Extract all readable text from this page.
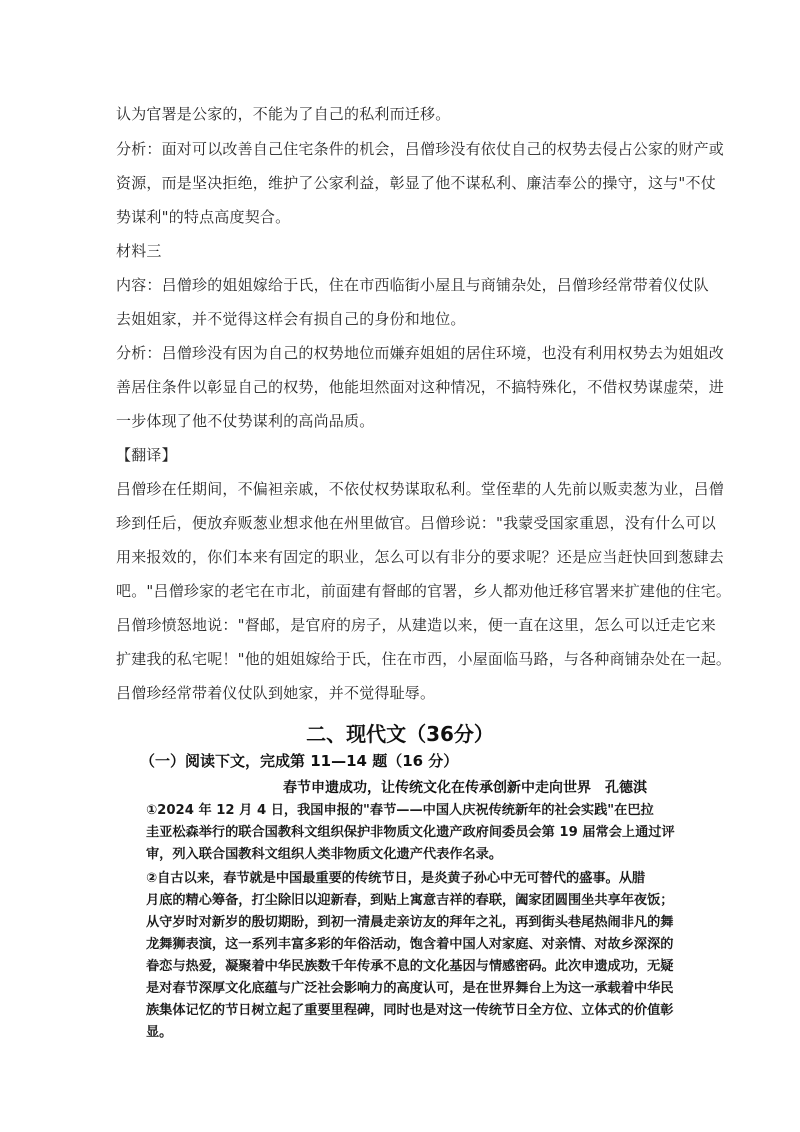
认为官署是公家的，不能为了自己的私利而迁移。
分析：面对可以改善自己住宅条件的机会，吕僧珍没有依仗自己的权势去侵占公家的财产或
资源，而是坚决拒绝，维护了公家利益，彰显了他不谋私利、廉洁奉公的操守，这与"不仗
势谋利"的特点高度契合。
材料三
内容：吕僧珍的姐姐嫁给于氏，住在市西临街小屋且与商铺杂处，吕僧珍经常带着仪仗队
去姐姐家，并不觉得这样会有损自己的身份和地位。
分析：吕僧珍没有因为自己的权势地位而嫌弃姐姐的居住环境，也没有利用权势去为姐姐改
善居住条件以彰显自己的权势，他能坦然面对这种情况，不搞特殊化，不借权势谋虚荣，进
一步体现了他不仗势谋利的高尚品质。
【翻译】
吕僧珍在任期间，不偏袒亲戚，不依仗权势谋取私利。堂侄辈的人先前以贩卖葱为业，吕僧
珍到任后，便放弃贩葱业想求他在州里做官。吕僧珍说："我蒙受国家重恩，没有什么可以
用来报效的，你们本来有固定的职业，怎么可以有非分的要求呢？还是应当赶快回到葱肆去
吧。"吕僧珍家的老宅在市北，前面建有督邮的官署，乡人都劝他迁移官署来扩建他的住宅。
吕僧珍愤怒地说："督邮，是官府的房子，从建造以来，便一直在这里，怎么可以迁走它来
扩建我的私宅呢！"他的姐姐嫁给于氏，住在市西，小屋面临马路，与各种商铺杂处在一起。
吕僧珍经常带着仪仗队到她家，并不觉得耻辱。
二、现代文（36分）
（一）阅读下文，完成第 11—14 题（16 分）
春节申遗成功，让传统文化在传承创新中走向世界 孔德淇
①2024 年 12 月 4 日，我国申报的"春节——中国人庆祝传统新年的社会实践"在巴拉
圭亚松森举行的联合国教科文组织保护非物质文化遗产政府间委员会第 19 届常会上通过评
审，列入联合国教科文组织人类非物质文化遗产代表作名录。
②自古以来，春节就是中国最重要的传统节日，是炎黄子孙心中无可替代的盛事。从腊
月底的精心筹备，打尘除旧以迎新春，到贴上寓意吉祥的春联，阖家团圆围坐共享年夜饭；
从守岁时对新岁的殷切期盼，到初一清晨走亲访友的拜年之礼，再到街头巷尾热闹非凡的舞
龙舞狮表演，这一系列丰富多彩的年俗活动，饱含着中国人对家庭、对亲情、对故乡深深的
眷恋与热爱，凝聚着中华民族数千年传承不息的文化基因与情感密码。此次申遗成功，无疑
是对春节深厚文化底蕴与广泛社会影响力的高度认可，是在世界舞台上为这一承载着中华民
族集体记忆的节日树立起了重要里程碑，同时也是对这一传统节日全方位、立体式的价值彰
显。
